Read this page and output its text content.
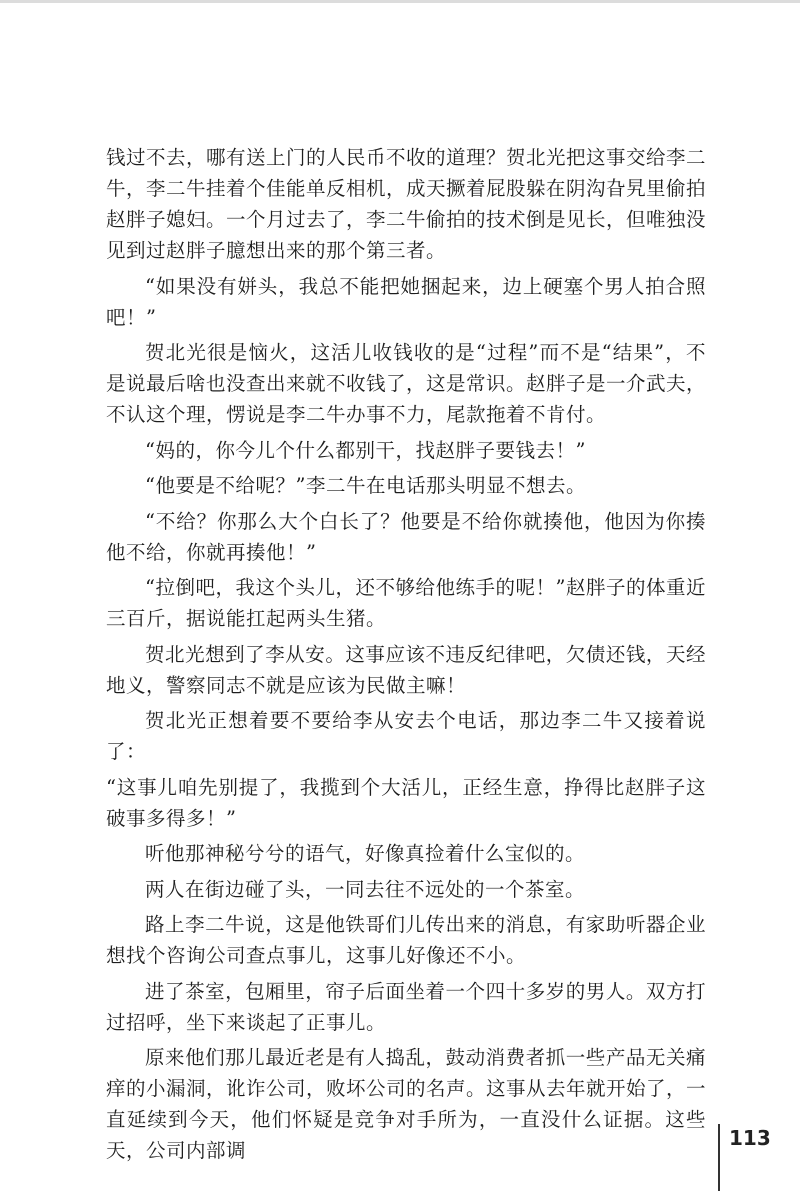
钱过不去，哪有送上门的人民币不收的道理？贺北光把这事交给李二牛，李二牛挂着个佳能单反相机，成天撅着屁股躲在阴沟旮旯里偷拍赵胖子媳妇。一个月过去了，李二牛偷拍的技术倒是见长，但唯独没见到过赵胖子臆想出来的那个第三者。

“如果没有姘头，我总不能把她捆起来，边上硬塞个男人拍合照吧！”

贺北光很是恼火，这活儿收钱收的是“过程”而不是“结果”，不是说最后啥也没查出来就不收钱了，这是常识。赵胖子是一介武夫，不认这个理，愣说是李二牛办事不力，尾款拖着不肯付。

“妈的，你今儿个什么都别干，找赵胖子要钱去！”

“他要是不给呢？”李二牛在电话那头明显不想去。

“不给？你那么大个白长了？他要是不给你就揍他，他因为你揍他不给，你就再揍他！”

“拉倒吧，我这个头儿，还不够给他练手的呢！”赵胖子的体重近三百斤，据说能扛起两头生猪。

贺北光想到了李从安。这事应该不违反纪律吧，欠债还钱，天经地义，警察同志不就是应该为民做主嘛！

贺北光正想着要不要给李从安去个电话，那边李二牛又接着说了：

“这事儿咱先别提了，我揽到个大活儿，正经生意，挣得比赵胖子这破事多得多！”

听他那神秘兮兮的语气，好像真捡着什么宝似的。

两人在街边碰了头，一同去往不远处的一个茶室。

路上李二牛说，这是他铁哥们儿传出来的消息，有家助听器企业想找个咨询公司查点事儿，这事儿好像还不小。

进了茶室，包厢里，帘子后面坐着一个四十多岁的男人。双方打过招呼，坐下来谈起了正事儿。

原来他们那儿最近老是有人捣乱，鼓动消费者抓一些产品无关痛痒的小漏洞，讹诈公司，败坏公司的名声。这事从去年就开始了，一直延续到今天，他们怀疑是竞争对手所为，一直没什么证据。这些天，公司内部调

113
